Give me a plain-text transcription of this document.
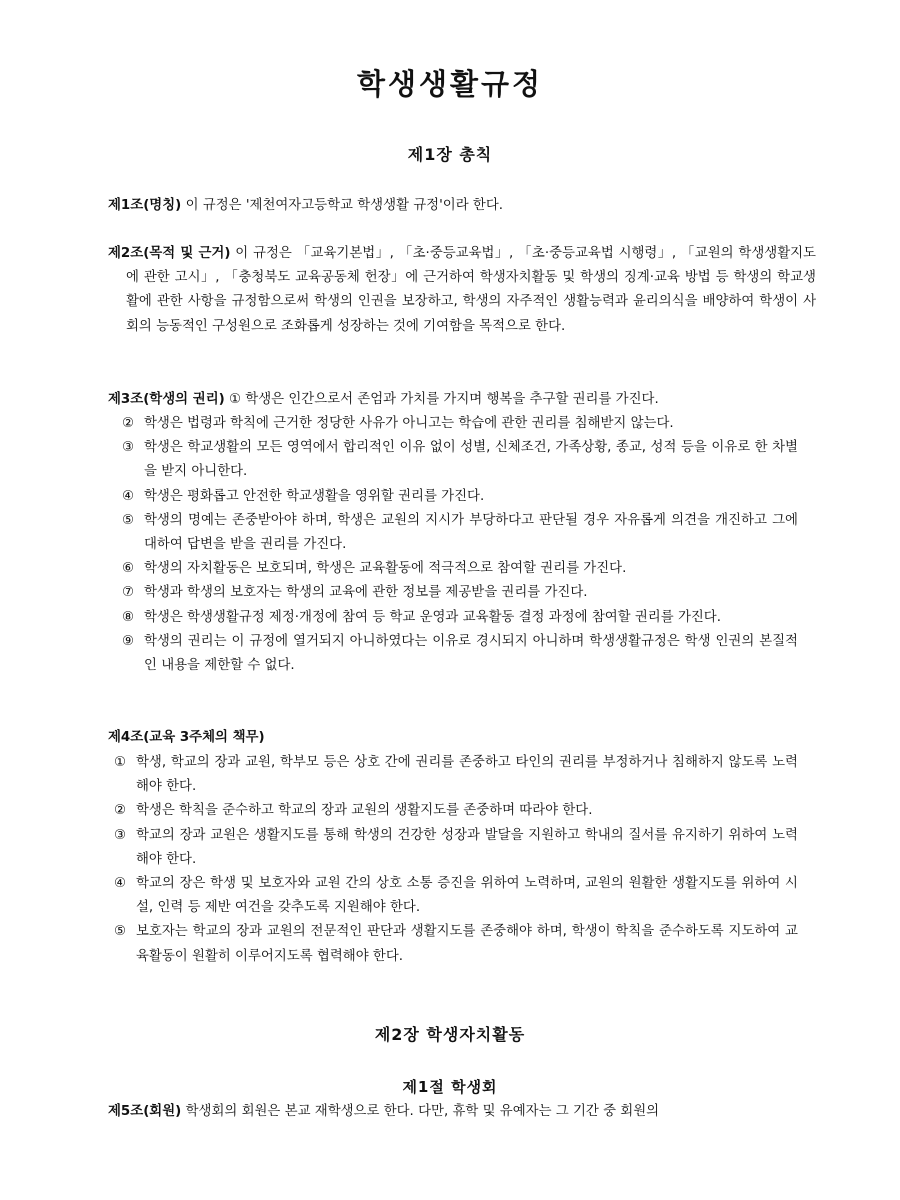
학생생활규정
제1장 총칙

제1조(명칭) 이 규정은 '제천여자고등학교 학생생활 규정'이라 한다.

제2조(목적 및 근거) 이 규정은 「교육기본법」, 「초·중등교육법」, 「초·중등교육법 시행령」, 「교원의 학생생활지도에 관한 고시」, 「충청북도 교육공동체 헌장」에 근거하여 학생자치활동 및 학생의 징계·교육 방법 등 학생의 학교생활에 관한 사항을 규정함으로써 학생의 인권을 보장하고, 학생의 자주적인 생활능력과 윤리의식을 배양하여 학생이 사회의 능동적인 구성원으로 조화롭게 성장하는 것에 기여함을 목적으로 한다.

제3조(학생의 권리) ① 학생은 인간으로서 존엄과 가치를 가지며 행복을 추구할 권리를 가진다.

② 학생은 법령과 학칙에 근거한 정당한 사유가 아니고는 학습에 관한 권리를 침해받지 않는다.
③ 학생은 학교생활의 모든 영역에서 합리적인 이유 없이 성별, 신체조건, 가족상황, 종교, 성적 등을 이유로 한 차별을 받지 아니한다.
④ 학생은 평화롭고 안전한 학교생활을 영위할 권리를 가진다.
⑤ 학생의 명예는 존중받아야 하며, 학생은 교원의 지시가 부당하다고 판단될 경우 자유롭게 의견을 개진하고 그에 대하여 답변을 받을 권리를 가진다.
⑥ 학생의 자치활동은 보호되며, 학생은 교육활동에 적극적으로 참여할 권리를 가진다.
⑦ 학생과 학생의 보호자는 학생의 교육에 관한 정보를 제공받을 권리를 가진다.
⑧ 학생은 학생생활규정 제정·개정에 참여 등 학교 운영과 교육활동 결정 과정에 참여할 권리를 가진다.
⑨ 학생의 권리는 이 규정에 열거되지 아니하였다는 이유로 경시되지 아니하며 학생생활규정은 학생 인권의 본질적인 내용을 제한할 수 없다.

제4조(교육 3주체의 책무)

① 학생, 학교의 장과 교원, 학부모 등은 상호 간에 권리를 존중하고 타인의 권리를 부정하거나 침해하지 않도록 노력해야 한다.
② 학생은 학칙을 준수하고 학교의 장과 교원의 생활지도를 존중하며 따라야 한다.
③ 학교의 장과 교원은 생활지도를 통해 학생의 건강한 성장과 발달을 지원하고 학내의 질서를 유지하기 위하여 노력해야 한다.
④ 학교의 장은 학생 및 보호자와 교원 간의 상호 소통 증진을 위하여 노력하며, 교원의 원활한 생활지도를 위하여 시설, 인력 등 제반 여건을 갖추도록 지원해야 한다.
⑤ 보호자는 학교의 장과 교원의 전문적인 판단과 생활지도를 존중해야 하며, 학생이 학칙을 준수하도록 지도하여 교육활동이 원활히 이루어지도록 협력해야 한다.
제2장 학생자치활동
제1절 학생회

제5조(회원) 학생회의 회원은 본교 재학생으로 한다. 다만, 휴학 및 유예자는 그 기간 중 회원의
